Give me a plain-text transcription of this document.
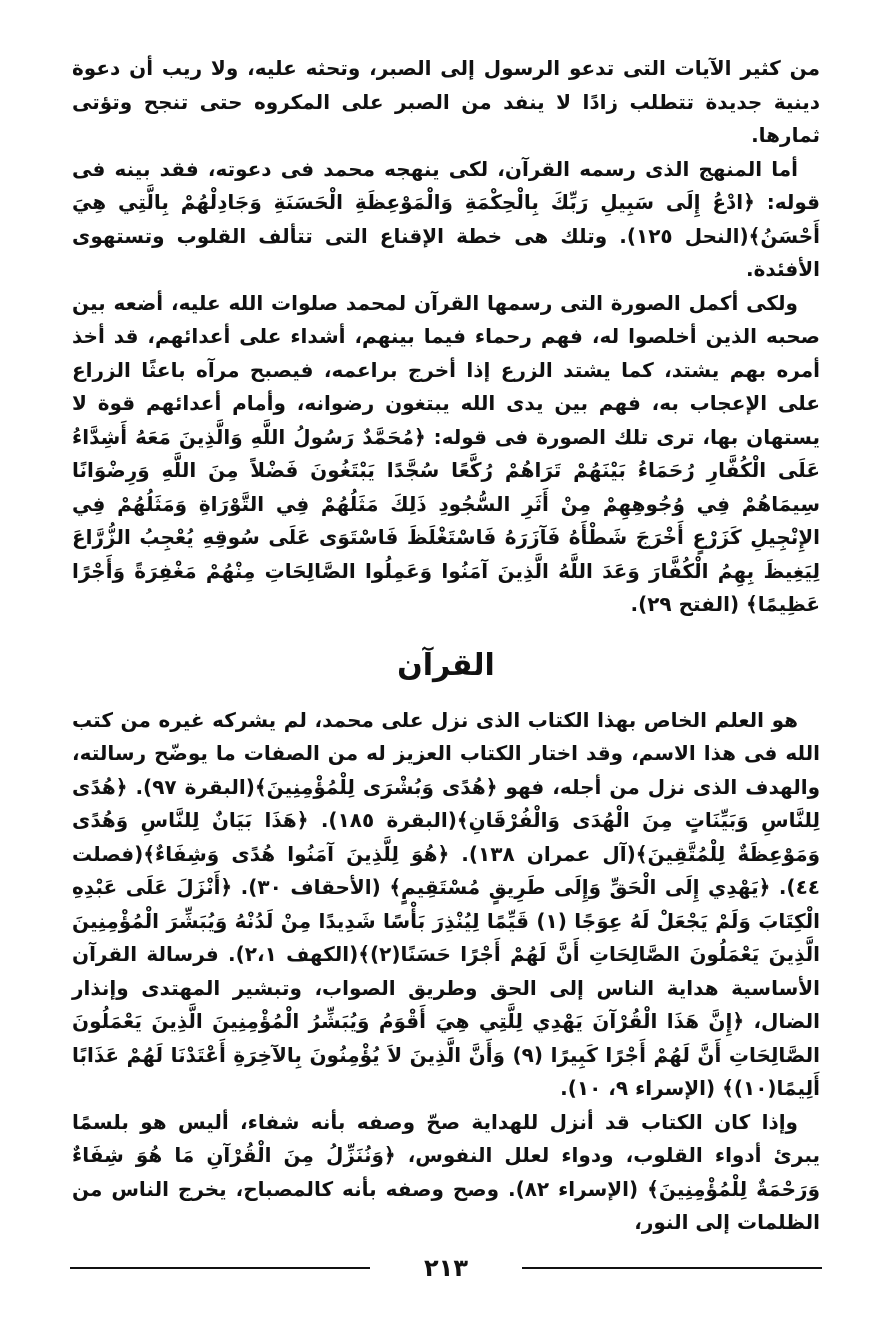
من كثير الآيات التى تدعو الرسول إلى الصبر، وتحثه عليه، ولا ريب أن دعوة دينية جديدة تتطلب زادًا لا ينفد من الصبر على المكروه حتى تنجح وتؤتى ثمارها.

أما المنهج الذى رسمه القرآن، لكى ينهجه محمد فى دعوته، فقد بينه فى قوله: ﴿ادْعُ إِلَى سَبِيلِ رَبِّكَ بِالْحِكْمَةِ وَالْمَوْعِظَةِ الْحَسَنَةِ وَجَادِلْهُمْ بِالَّتِي هِيَ أَحْسَنُ﴾(النحل ١٢٥). وتلك هى خطة الإقناع التى تتألف القلوب وتستهوى الأفئدة.

ولكى أكمل الصورة التى رسمها القرآن لمحمد صلوات الله عليه، أضعه بين صحبه الذين أخلصوا له، فهم رحماء فيما بينهم، أشداء على أعدائهم، قد أخذ أمره بهم يشتد، كما يشتد الزرع إذا أخرج براعمه، فيصبح مرآه باعثًا الزراع على الإعجاب به، فهم بين يدى الله يبتغون رضوانه، وأمام أعدائهم قوة لا يستهان بها، ترى تلك الصورة فى قوله: ﴿مُحَمَّدٌ رَسُولُ اللَّهِ وَالَّذِينَ مَعَهُ أَشِدَّاءُ عَلَى الْكُفَّارِ رُحَمَاءُ بَيْنَهُمْ تَرَاهُمْ رُكَّعًا سُجَّدًا يَبْتَغُونَ فَضْلاً مِنَ اللَّهِ وَرِضْوَانًا سِيمَاهُمْ فِي وُجُوهِهِمْ مِنْ أَثَرِ السُّجُودِ ذَلِكَ مَثَلُهُمْ فِي التَّوْرَاةِ وَمَثَلُهُمْ فِي الإِنْجِيلِ كَزَرْعٍ أَخْرَجَ شَطْأَهُ فَآزَرَهُ فَاسْتَغْلَظَ فَاسْتَوَى عَلَى سُوقِهِ يُعْجِبُ الزُّرَّاعَ لِيَغِيظَ بِهِمُ الْكُفَّارَ وَعَدَ اللَّهُ الَّذِينَ آمَنُوا وَعَمِلُوا الصَّالِحَاتِ مِنْهُمْ مَغْفِرَةً وَأَجْرًا عَظِيمًا﴾ (الفتح ٢٩).

القرآن

هو العلم الخاص بهذا الكتاب الذى نزل على محمد، لم يشركه غيره من كتب الله فى هذا الاسم، وقد اختار الكتاب العزيز له من الصفات ما يوضّح رسالته، والهدف الذى نزل من أجله، فهو ﴿هُدًى وَبُشْرَى لِلْمُؤْمِنِينَ﴾(البقرة ٩٧). ﴿هُدًى لِلنَّاسِ وَبَيِّنَاتٍ مِنَ الْهُدَى وَالْفُرْقَانِ﴾(البقرة ١٨٥). ﴿هَذَا بَيَانٌ لِلنَّاسِ وَهُدًى وَمَوْعِظَةٌ لِلْمُتَّقِينَ﴾(آل عمران ١٣٨). ﴿هُوَ لِلَّذِينَ آمَنُوا هُدًى وَشِفَاءٌ﴾(فصلت ٤٤). ﴿يَهْدِي إِلَى الْحَقِّ وَإِلَى طَرِيقٍ مُسْتَقِيمٍ﴾ (الأحقاف ٣٠). ﴿أَنْزَلَ عَلَى عَبْدِهِ الْكِتَابَ وَلَمْ يَجْعَلْ لَهُ عِوَجًا (١) قَيِّمًا لِيُنْذِرَ بَأْسًا شَدِيدًا مِنْ لَدُنْهُ وَيُبَشِّرَ الْمُؤْمِنِينَ الَّذِينَ يَعْمَلُونَ الصَّالِحَاتِ أَنَّ لَهُمْ أَجْرًا حَسَنًا(٢)﴾(الكهف ٢،١). فرسالة القرآن الأساسية هداية الناس إلى الحق وطريق الصواب، وتبشير المهتدى وإنذار الضال، ﴿إِنَّ هَذَا الْقُرْآنَ يَهْدِي لِلَّتِي هِيَ أَقْوَمُ وَيُبَشِّرُ الْمُؤْمِنِينَ الَّذِينَ يَعْمَلُونَ الصَّالِحَاتِ أَنَّ لَهُمْ أَجْرًا كَبِيرًا (٩) وَأَنَّ الَّذِينَ لاَ يُؤْمِنُونَ بِالآخِرَةِ أَعْتَدْنَا لَهُمْ عَذَابًا أَلِيمًا(١٠)﴾ (الإسراء ٩، ١٠).

وإذا كان الكتاب قد أنزل للهداية صحّ وصفه بأنه شفاء، أليس هو بلسمًا يبرئ أدواء القلوب، ودواء لعلل النفوس، ﴿وَنُنَزِّلُ مِنَ الْقُرْآنِ مَا هُوَ شِفَاءٌ وَرَحْمَةٌ لِلْمُؤْمِنِينَ﴾ (الإسراء ٨٢). وصح وصفه بأنه كالمصباح، يخرج الناس من الظلمات إلى النور،

٢١٣
